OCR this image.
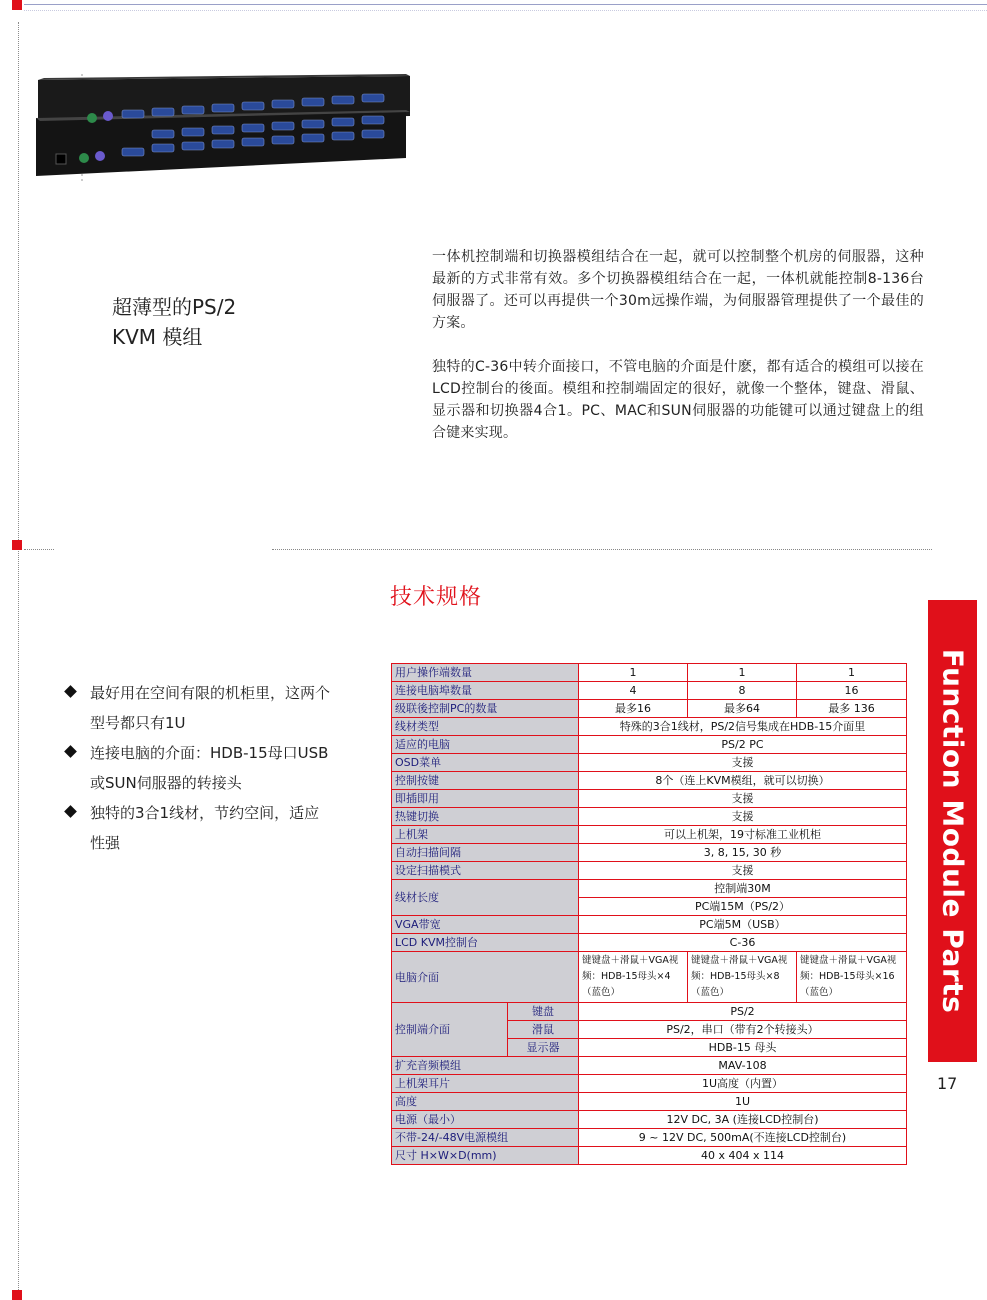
超薄型的PS/2
KVM 模组

一体机控制端和切换器模组结合在一起，就可以控制整个机房的伺服器，这种最新的方式非常有效。多个切换器模组结合在一起，一体机就能控制8-136台伺服器了。还可以再提供一个30m远操作端，为伺服器管理提供了一个最佳的方案。

独特的C-36中转介面接口，不管电脑的介面是什麽，都有适合的模组可以接在LCD控制台的後面。模组和控制端固定的很好，就像一个整体，键盘、滑鼠、显示器和切换器4合1。PC、MAC和SUN伺服器的功能键可以通过键盘上的组合键来实现。

技术规格
最好用在空间有限的机柜里，这两个型号都只有1U
连接电脑的介面：HDB-15母口USB或SUN伺服器的转接头
独特的3合1线材，节约空间，适应性强
用户操作端数量		1	1	1
连接电脑埠数量		4	8	16
级联後控制PC的数量		最多16	最多64	最多 136
线材类型		特殊的3合1线材，PS/2信号集成在HDB-15介面里		
适应的电脑		PS/2 PC		
OSD菜单		支援		
控制按键		8个（连上KVM模组，就可以切换）		
即插即用		支援		
热键切换		支援		
上机架		可以上机架，19寸标准工业机柜		
自动扫描间隔		3, 8, 15, 30 秒		
设定扫描模式		支援		
线材长度		控制端30M		
		PC端15M（PS/2）		
VGA带宽		PC端5M（USB）		
LCD KVM控制台		C-36		
电脑介面		键键盘＋滑鼠＋VGA视频：HDB-15母头×4（蓝色）	键键盘＋滑鼠＋VGA视频：HDB-15母头×8（蓝色）	键键盘＋滑鼠＋VGA视频：HDB-15母头×16（蓝色）
控制端介面	键盘	PS/2		
	滑鼠	PS/2，串口（带有2个转接头）		
	显示器	HDB-15 母头		
扩充音频模组		MAV-108		
上机架耳片		1U高度（内置）		
高度		1U		
电源（最小）		12V DC, 3A (连接LCD控制台)		
不带-24/-48V电源模组		9 ~ 12V DC, 500mA(不连接LCD控制台)		
尺寸 H×W×D(mm)		40 x 404 x 114		
Function Module Parts
17
